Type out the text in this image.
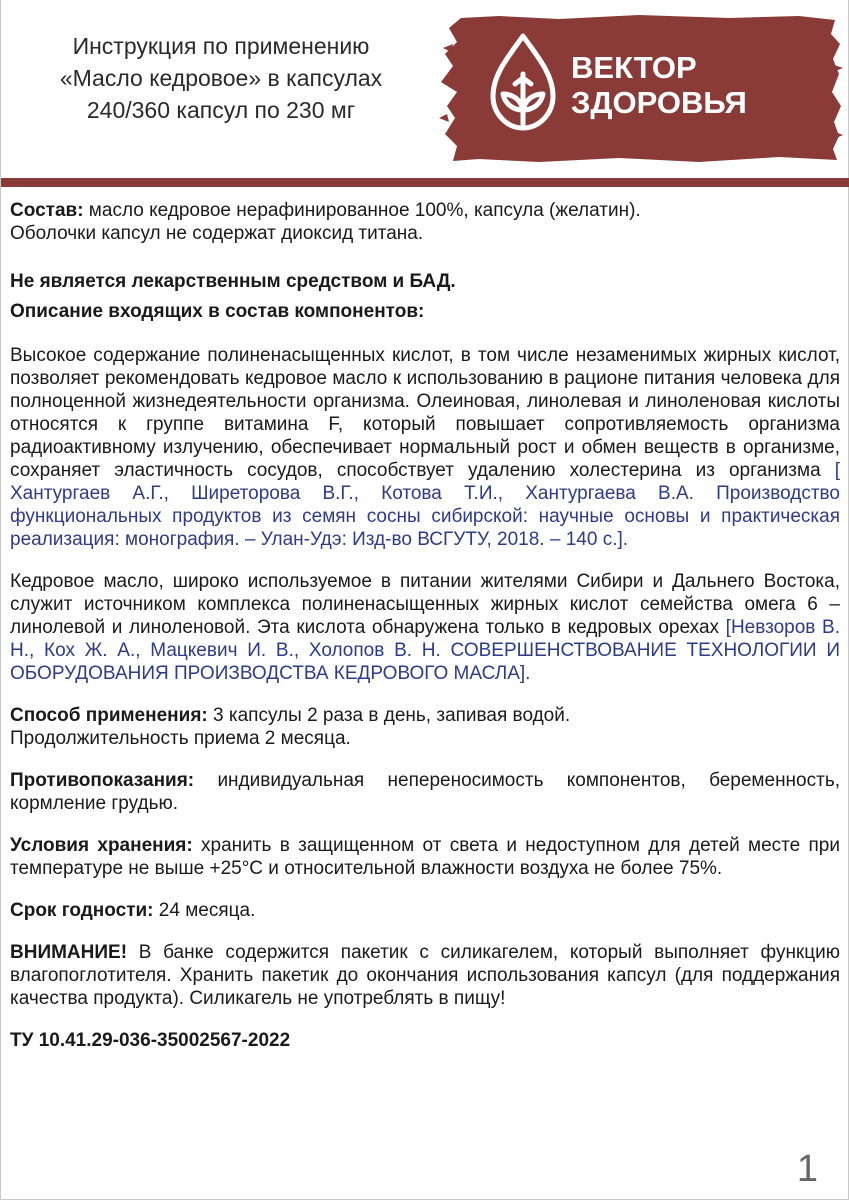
Инструкция по применению
«Масло кедровое» в капсулах
240/360 капсул по 230 мг
ВЕКТОР
ЗДОРОВЬЯ

Состав: масло кедровое нерафинированное 100%, капсула (желатин).

Оболочки капсул не содержат диоксид титана.

Не является лекарственным средством и БАД.

Описание входящих в состав компонентов:

Высокое содержание полиненасыщенных кислот, в том числе незаменимых жирных кислот, позволяет рекомендовать кедровое масло к использованию в рационе питания человека для полноценной жизнедеятельности организма. Олеиновая, линолевая и линоленовая кислоты относятся к группе витамина F, который повышает сопротивляемость организма радиоактивному излучению, обеспечивает нормальный рост и обмен веществ в организме, сохраняет эластичность сосудов, способствует удалению холестерина из организма [ Хантургаев А.Г., Ширеторова В.Г., Котова Т.И., Хантургаева В.А. Производство функциональных продуктов из семян сосны сибирской: научные основы и практическая реализация: монография. – Улан-Удэ: Изд-во ВСГУТУ, 2018. – 140 с.].

Кедровое масло, широко используемое в питании жителями Сибири и Дальнего Востока, служит источником комплекса полиненасыщенных жирных кислот семейства омега 6 – линолевой и линоленовой. Эта кислота обнаружена только в кедровых орехах [Невзоров В. Н., Кох Ж. А., Мацкевич И. В., Холопов В. Н. СОВЕРШЕНСТВОВАНИЕ ТЕХНОЛОГИИ И ОБОРУДОВАНИЯ ПРОИЗВОДСТВА КЕДРОВОГО МАСЛА].

Способ применения: 3 капсулы 2 раза в день, запивая водой.

Продолжительность приема 2 месяца.

Противопоказания: индивидуальная непереносимость компонентов, беременность, кормление грудью.

Условия хранения: хранить в защищенном от света и недоступном для детей месте при температуре не выше +25°С и относительной влажности воздуха не более 75%.

Срок годности: 24 месяца.

ВНИМАНИЕ! В банке содержится пакетик с силикагелем, который выполняет функцию влагопоглотителя. Хранить пакетик до окончания использования капсул (для поддержания качества продукта). Силикагель не употреблять в пищу!

ТУ 10.41.29-036-35002567-2022

1
